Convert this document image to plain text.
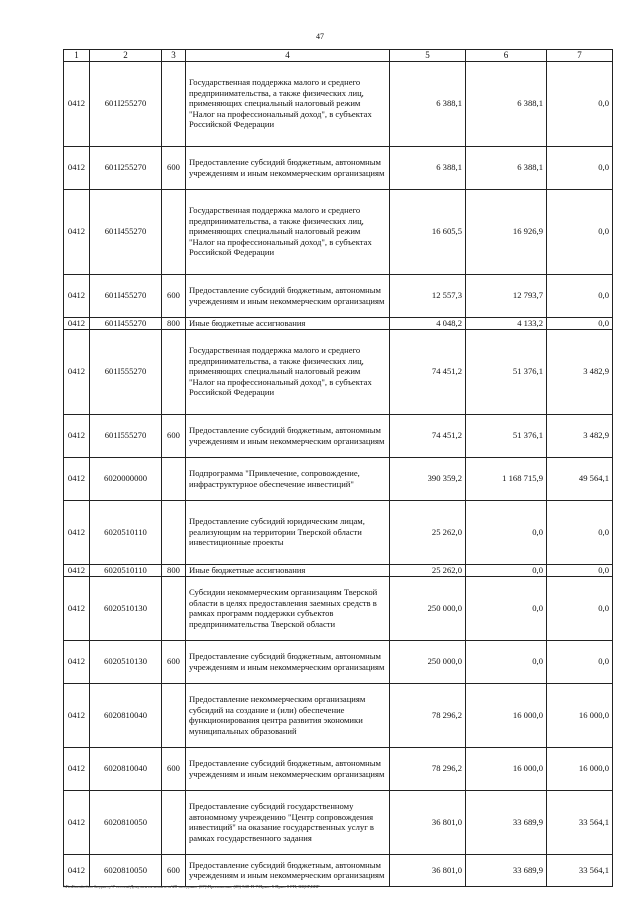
47
1	2	3	4	5	6	7
0412	601I255270		Государственная поддержка малого и среднего предпринимательства, а также физических лиц, применяющих специальный налоговый режим "Налог на профессиональный доход", в субъектах Российской Федерации	6 388,1	6 388,1	0,0
0412	601I255270	600	Предоставление субсидий бюджетным, автономным учреждениям и иным некоммерческим организациям	6 388,1	6 388,1	0,0
0412	601I455270		Государственная поддержка малого и среднего предпринимательства, а также физических лиц, применяющих специальный налоговый режим "Налог на профессиональный доход", в субъектах Российской Федерации	16 605,5	16 926,9	0,0
0412	601I455270	600	Предоставление субсидий бюджетным, автономным учреждениям и иным некоммерческим организациям	12 557,3	12 793,7	0,0
0412	601I455270	800	Иные бюджетные ассигнования	4 048,2	4 133,2	0,0
0412	601I555270		Государственная поддержка малого и среднего предпринимательства, а также физических лиц, применяющих специальный налоговый режим "Налог на профессиональный доход", в субъектах Российской Федерации	74 451,2	51 376,1	3 482,9
0412	601I555270	600	Предоставление субсидий бюджетным, автономным учреждениям и иным некоммерческим организациям	74 451,2	51 376,1	3 482,9
0412	6020000000		Подпрограмма "Привлечение, сопровождение, инфраструктурное обеспечение инвестиций"	390 359,2	1 168 715,9	49 564,1
0412	6020510110		Предоставление субсидий юридическим лицам, реализующим на территории Тверской области инвестиционные проекты	25 262,0	0,0	0,0
0412	6020510110	800	Иные бюджетные ассигнования	25 262,0	0,0	0,0
0412	6020510130		Субсидии некоммерческим организациям Тверской области в целях предоставления заемных средств в рамках программ поддержки субъектов предпринимательства Тверской области	250 000,0	0,0	0,0
0412	6020510130	600	Предоставление субсидий бюджетным, автономным учреждениям и иным некоммерческим организациям	250 000,0	0,0	0,0
0412	6020810040		Предоставление некоммерческим организациям субсидий на создание и (или) обеспечение функционирования центра развития экономики муниципальных образований	78 296,2	16 000,0	16 000,0
0412	6020810040	600	Предоставление субсидий бюджетным, автономным учреждениям и иным некоммерческим организациям	78 296,2	16 000,0	16 000,0
0412	6020810050		Предоставление субсидий государственному автономному учреждению "Центр сопровождения инвестиций" на оказание государственных услуг в рамках государственного задания	36 801,0	33 689,9	33 564,1
0412	6020810050	600	Предоставление субсидий бюджетным, автономным учреждениям и иным некоммерческим организациям	36 801,0	33 689,9	33 564,1
\\FinKomitet\по бюджету\7 сессия\Документы комитета\28 заседание (07)\Приложение (28) 548-П-7\Прил. 5 Прил 8 РП, КЦСР,КВР
